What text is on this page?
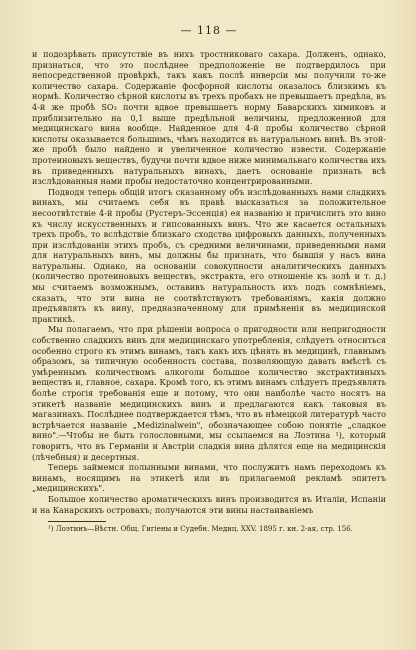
— 118 —

и подозрѣвать присутствіе въ нихъ тростниковаго сахара. Долженъ, однако, признаться, что это послѣднее предположеніе не подтвердилось при непосредственной провѣркѣ, такъ какъ послѣ инверсіи мы получили то-же количество сахара. Содержаніе фосфорной кислоты оказалось близкимъ къ нормѣ. Количество сѣрной кислоты въ трехъ пробахъ не превышаетъ предѣла, въ 4-й же пробѣ SO₃ почти вдвое превышаетъ норму Баварскихъ химиковъ и приблизительно на 0,1 выше предѣльной величины, предложенной для медицинскаго вина вообще. Найденное для 4-й пробы количество сѣрной кислоты оказывается большимъ, чѣмъ находится въ натуральномъ винѣ. Въ этой-же пробѣ было найдено и увеличенное количество извести. Содержаніе протеиновыхъ веществъ, будучи почти вдвое ниже минимальнаго количества ихъ въ приведенныхъ натуральныхъ винахъ, даетъ основаніе признать всѣ изслѣдованныя нами пробы недостаточно концентрированными.

Подводя теперь общій итогъ сказанному объ изслѣдованныхъ нами сладкихъ винахъ, мы считаемъ себя въ правѣ высказаться за положительное несоотвѣтствіе 4-й пробы (Рустеръ-Эссенція) ея названію и причислить это вино къ числу искусственныхъ и гипсованныхъ винъ. Что же касается остальныхъ трехъ пробъ, то вслѣдствіе близкаго сходства цифровыхъ данныхъ, полученныхъ при изслѣдованіи этихъ пробъ, съ средними величинами, приведенными нами для натуральныхъ винъ, мы должны бы признать, что бывшія у насъ вина натуральны. Однако, на основаніи совокупности аналитическихъ данныхъ (количество протеиновыхъ веществъ, экстракта, его отношеніе къ золѣ и т. д.) мы считаемъ возможнымъ, оставивъ натуральность ихъ подъ сомнѣніемъ, сказать, что эти вина не соотвѣтствуютъ требованіямъ, какія должно предъявлять къ вину, предназначенному для примѣненія въ медицинской практикѣ.

Мы полагаемъ, что при рѣшеніи вопроса о пригодности или непригодности собственно сладкихъ винъ для медицинскаго употребленія, слѣдуетъ относиться особенно строго къ этимъ винамъ, такъ какъ ихъ цѣнять въ медицинѣ, главнымъ образомъ, за типичную особенность состава, позволяющую давать вмѣстѣ съ умѣреннымъ количествомъ алкоголи большое количество экстрактивныхъ веществъ и, главное, сахара. Кромѣ того, къ этимъ винамъ слѣдуетъ предъявлять болѣе строгія требованія еще и потому, что они наиболѣе часто носятъ на этикетѣ названіе медицинскихъ винъ и предлагаются какъ таковыя въ магазинахъ. Послѣднее подтверждается тѣмъ, что въ нѣмецкой литературѣ часто встрѣчается названіе „Medizinalwein", обозначающее собою понятіе „сладкое вино".—Чтобы не быть голословными, мы ссылаемся на Лоэтина ¹), который говоритъ, что въ Германіи и Австріи сладкія вина дѣлятся еще на медицинскія (лѣчебныя) и десертныя.

Теперь займемся полынными винами, что послужитъ намъ переходомъ къ винамъ, носящимъ на этикетѣ или въ прилагаемой рекламѣ эпитетъ „медицинскихъ".

Большое количество ароматическихъ винъ производится въ Италіи, Испаніи и на Канарскихъ островахъ; получаются эти вины настаиваніемъ

¹) Лоэтинъ—Вѣстн. Общ. Гигіены и Судебн. Медиц. XXV. 1895 г. кн. 2-ая, стр. 156.
